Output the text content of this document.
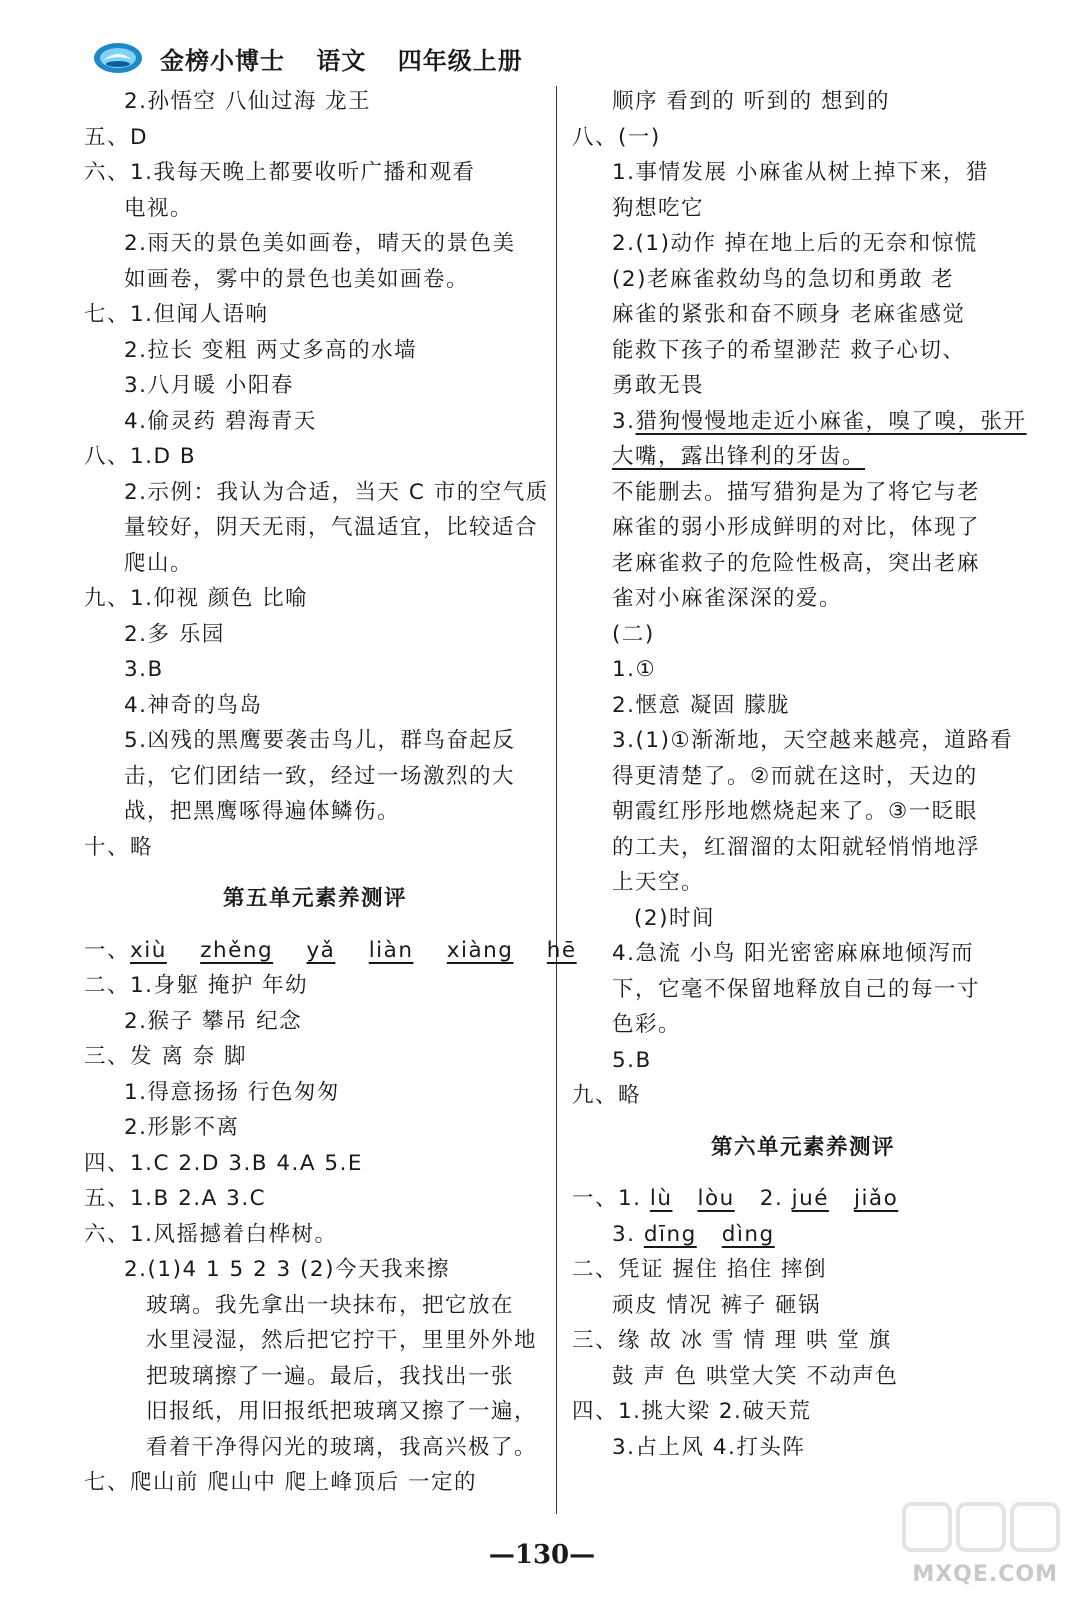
金榜小博士 语文 四年级上册
2.孙悟空 八仙过海 龙王
五、D
六、1.我每天晚上都要收听广播和观看
电视。
2.雨天的景色美如画卷，晴天的景色美
如画卷，雾中的景色也美如画卷。
七、1.但闻人语响
2.拉长 变粗 两丈多高的水墙
3.八月暖 小阳春
4.偷灵药 碧海青天
八、1.D B
2.示例：我认为合适，当天 C 市的空气质
量较好，阴天无雨，气温适宜，比较适合
爬山。
九、1.仰视 颜色 比喻
2.多 乐园
3.B
4.神奇的鸟岛
5.凶残的黑鹰要袭击鸟儿，群鸟奋起反
击，它们团结一致，经过一场激烈的大
战，把黑鹰啄得遍体鳞伤。
十、略
第五单元素养测评
一、xiù zhěng yǎ liàn xiàng hē
二、1.身躯 掩护 年幼
2.猴子 攀吊 纪念
三、发 离 奈 脚
1.得意扬扬 行色匆匆
2.形影不离
四、1.C 2.D 3.B 4.A 5.E
五、1.B 2.A 3.C
六、1.风摇撼着白桦树。
2.(1)4 1 5 2 3 (2)今天我来擦
玻璃。我先拿出一块抹布，把它放在
水里浸湿，然后把它拧干，里里外外地
把玻璃擦了一遍。最后，我找出一张
旧报纸，用旧报纸把玻璃又擦了一遍，
看着干净得闪光的玻璃，我高兴极了。
七、爬山前 爬山中 爬上峰顶后 一定的
顺序 看到的 听到的 想到的
八、(一)
1.事情发展 小麻雀从树上掉下来，猎
狗想吃它
2.(1)动作 掉在地上后的无奈和惊慌
(2)老麻雀救幼鸟的急切和勇敢 老
麻雀的紧张和奋不顾身 老麻雀感觉
能救下孩子的希望渺茫 救子心切、
勇敢无畏
3.猎狗慢慢地走近小麻雀，嗅了嗅，张开
大嘴，露出锋利的牙齿。
不能删去。描写猎狗是为了将它与老
麻雀的弱小形成鲜明的对比，体现了
老麻雀救子的危险性极高，突出老麻
雀对小麻雀深深的爱。
(二)
1.①
2.惬意 凝固 朦胧
3.(1)①渐渐地，天空越来越亮，道路看
得更清楚了。②而就在这时，天边的
朝霞红彤彤地燃烧起来了。③一眨眼
的工夫，红溜溜的太阳就轻悄悄地浮
上天空。
(2)时间
4.急流 小鸟 阳光密密麻麻地倾泻而
下，它毫不保留地释放自己的每一寸
色彩。
5.B
九、略
第六单元素养测评
一、1. lù lòu 2. jué jiǎo
3. dīng dìng
二、凭证 握住 掐住 摔倒
顽皮 情况 裤子 砸锅
三、缘 故 冰 雪 情 理 哄 堂 旗
鼓 声 色 哄堂大笑 不动声色
四、1.挑大梁 2.破天荒
3.占上风 4.打头阵
—130—
MXQE.COM
